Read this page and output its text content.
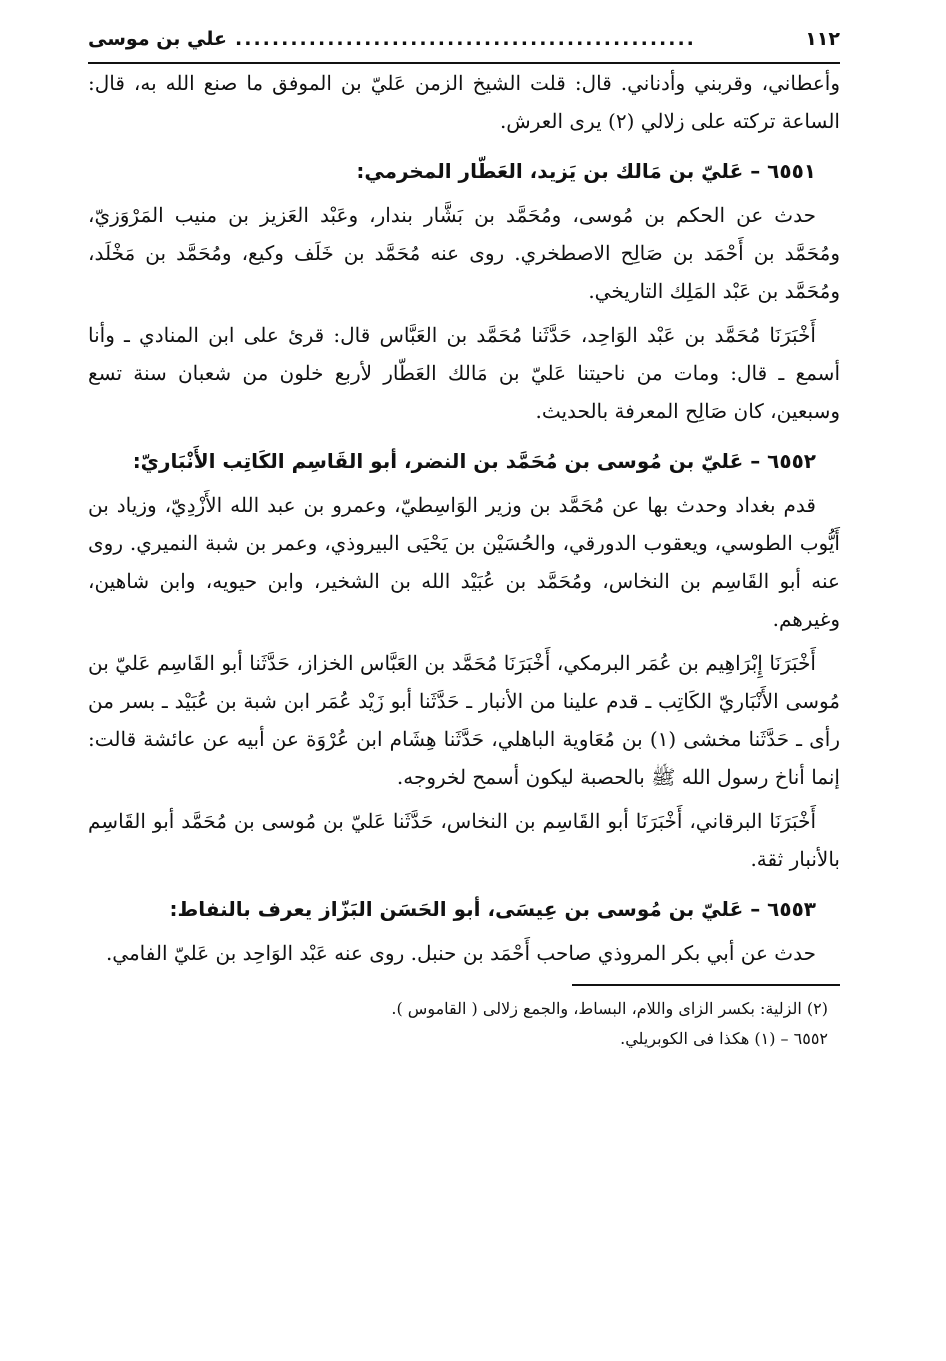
١١٢
..................................................
علي بن موسى

وأعطاني، وقربني وأدناني. قال: قلت الشيخ الزمن عَليّ بن الموفق ما صنع الله به، قال: الساعة تركته على زلالي (٢) يرى العرش.

٦٥٥١ – عَليّ بن مَالك بن يَزيد، العَطّار المخرمي:

حدث عن الحكم بن مُوسى، ومُحَمَّد بن بَشَّار بندار، وعَبْد العَزيز بن منيب المَرْوَزيّ، ومُحَمَّد بن أَحْمَد بن صَالِح الاصطخري. روى عنه مُحَمَّد بن خَلَف وكيع، ومُحَمَّد بن مَخْلَد، ومُحَمَّد بن عَبْد المَلِك التاريخي.

أَخْبَرَنَا مُحَمَّد بن عَبْد الوَاحِد، حَدَّثَنا مُحَمَّد بن العَبَّاس قال: قرئ على ابن المنادي ـ وأنا أسمع ـ قال: ومات من ناحيتنا عَليّ بن مَالك العَطّار لأربع خلون من شعبان سنة تسع وسبعين، كان صَالِح المعرفة بالحديث.

٦٥٥٢ – عَليّ بن مُوسى بن مُحَمَّد بن النضر، أبو القَاسِم الكَاتِب الأَنْبَاريّ:

قدم بغداد وحدث بها عن مُحَمَّد بن وزير الوَاسِطيّ، وعمرو بن عبد الله الأَزْدِيّ، وزياد بن أَيُّوب الطوسي، ويعقوب الدورقي، والحُسَيْن بن يَحْيَى البيروذي، وعمر بن شبة النميري. روى عنه أبو القَاسِم بن النخاس، ومُحَمَّد بن عُبَيْد الله بن الشخير، وابن حيويه، وابن شاهين، وغيرهم.

أَخْبَرَنَا إِبْرَاهِيم بن عُمَر البرمكي، أَخْبَرَنَا مُحَمَّد بن العَبَّاس الخزاز، حَدَّثَنا أبو القَاسِم عَليّ بن مُوسى الأَنْبَاريّ الكَاتِب ـ قدم علينا من الأنبار ـ حَدَّثَنا أبو زَيْد عُمَر ابن شبة بن عُبَيْد ـ بسر من رأى ـ حَدَّثَنا مخشى (١) بن مُعَاوية الباهلي، حَدَّثَنا هِشَام ابن عُرْوَة عن أبيه عن عائشة قالت: إنما أناخ رسول الله ﷺ بالحصبة ليكون أسمح لخروجه.

أَخْبَرَنَا البرقاني، أَخْبَرَنَا أبو القَاسِم بن النخاس، حَدَّثَنا عَليّ بن مُوسى بن مُحَمَّد أبو القَاسِم بالأنبار ثقة.

٦٥٥٣ – عَليّ بن مُوسى بن عِيسَى، أبو الحَسَن البَزّاز يعرف بالنفاط:

حدث عن أبي بكر المروذي صاحب أَحْمَد بن حنبل. روى عنه عَبْد الوَاحِد بن عَليّ الفامي.

(٢) الزلية: بكسر الزاى واللام، البساط، والجمع زلالى ( القاموس ).

٦٥٥٢ – (١) هكذا فى الكوبريلي.
